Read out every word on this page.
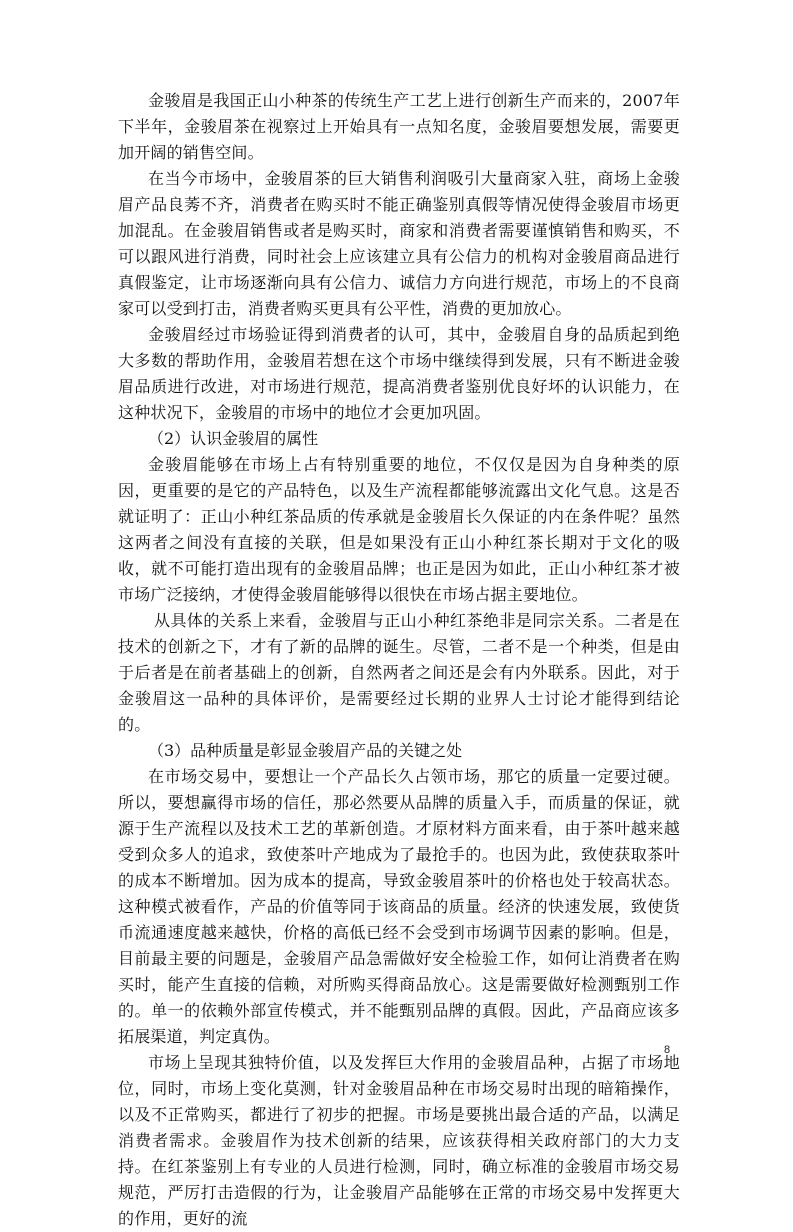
金骏眉是我国正山小种茶的传统生产工艺上进行创新生产而来的，2007年下半年，金骏眉茶在视察过上开始具有一点知名度，金骏眉要想发展，需要更加开阔的销售空间。

在当今市场中，金骏眉茶的巨大销售利润吸引大量商家入驻，商场上金骏眉产品良莠不齐，消费者在购买时不能正确鉴别真假等情况使得金骏眉市场更加混乱。在金骏眉销售或者是购买时，商家和消费者需要谨慎销售和购买，不可以跟风进行消费，同时社会上应该建立具有公信力的机构对金骏眉商品进行真假鉴定，让市场逐渐向具有公信力、诚信力方向进行规范，市场上的不良商家可以受到打击，消费者购买更具有公平性，消费的更加放心。

金骏眉经过市场验证得到消费者的认可，其中，金骏眉自身的品质起到绝大多数的帮助作用，金骏眉若想在这个市场中继续得到发展，只有不断进金骏眉品质进行改进，对市场进行规范，提高消费者鉴别优良好坏的认识能力，在这种状况下，金骏眉的市场中的地位才会更加巩固。

（2）认识金骏眉的属性

金骏眉能够在市场上占有特别重要的地位，不仅仅是因为自身种类的原因，更重要的是它的产品特色，以及生产流程都能够流露出文化气息。这是否就证明了：正山小种红茶品质的传承就是金骏眉长久保证的内在条件呢？虽然这两者之间没有直接的关联，但是如果没有正山小种红茶长期对于文化的吸收，就不可能打造出现有的金骏眉品牌；也正是因为如此，正山小种红茶才被市场广泛接纳，才使得金骏眉能够得以很快在市场占据主要地位。

从具体的关系上来看，金骏眉与正山小种红茶绝非是同宗关系。二者是在技术的创新之下，才有了新的品牌的诞生。尽管，二者不是一个种类，但是由于后者是在前者基础上的创新，自然两者之间还是会有内外联系。因此，对于金骏眉这一品种的具体评价，是需要经过长期的业界人士讨论才能得到结论的。

（3）品种质量是彰显金骏眉产品的关键之处

在市场交易中，要想让一个产品长久占领市场，那它的质量一定要过硬。所以，要想赢得市场的信任，那必然要从品牌的质量入手，而质量的保证，就源于生产流程以及技术工艺的革新创造。才原材料方面来看，由于茶叶越来越受到众多人的追求，致使茶叶产地成为了最抢手的。也因为此，致使获取茶叶的成本不断增加。因为成本的提高，导致金骏眉茶叶的价格也处于较高状态。这种模式被看作，产品的价值等同于该商品的质量。经济的快速发展，致使货币流通速度越来越快，价格的高低已经不会受到市场调节因素的影响。但是，目前最主要的问题是，金骏眉产品急需做好安全检验工作，如何让消费者在购买时，能产生直接的信赖，对所购买得商品放心。这是需要做好检测甄别工作的。单一的依赖外部宣传模式，并不能甄别品牌的真假。因此，产品商应该多拓展渠道，判定真伪。

市场上呈现其独特价值，以及发挥巨大作用的金骏眉品种，占据了市场地位，同时，市场上变化莫测，针对金骏眉品种在市场交易时出现的暗箱操作，以及不正常购买，都进行了初步的把握。市场是要挑出最合适的产品，以满足消费者需求。金骏眉作为技术创新的结果，应该获得相关政府部门的大力支持。在红茶鉴别上有专业的人员进行检测，同时，确立标准的金骏眉市场交易规范，严厉打击造假的行为，让金骏眉产品能够在正常的市场交易中发挥更大的作用，更好的流

8
